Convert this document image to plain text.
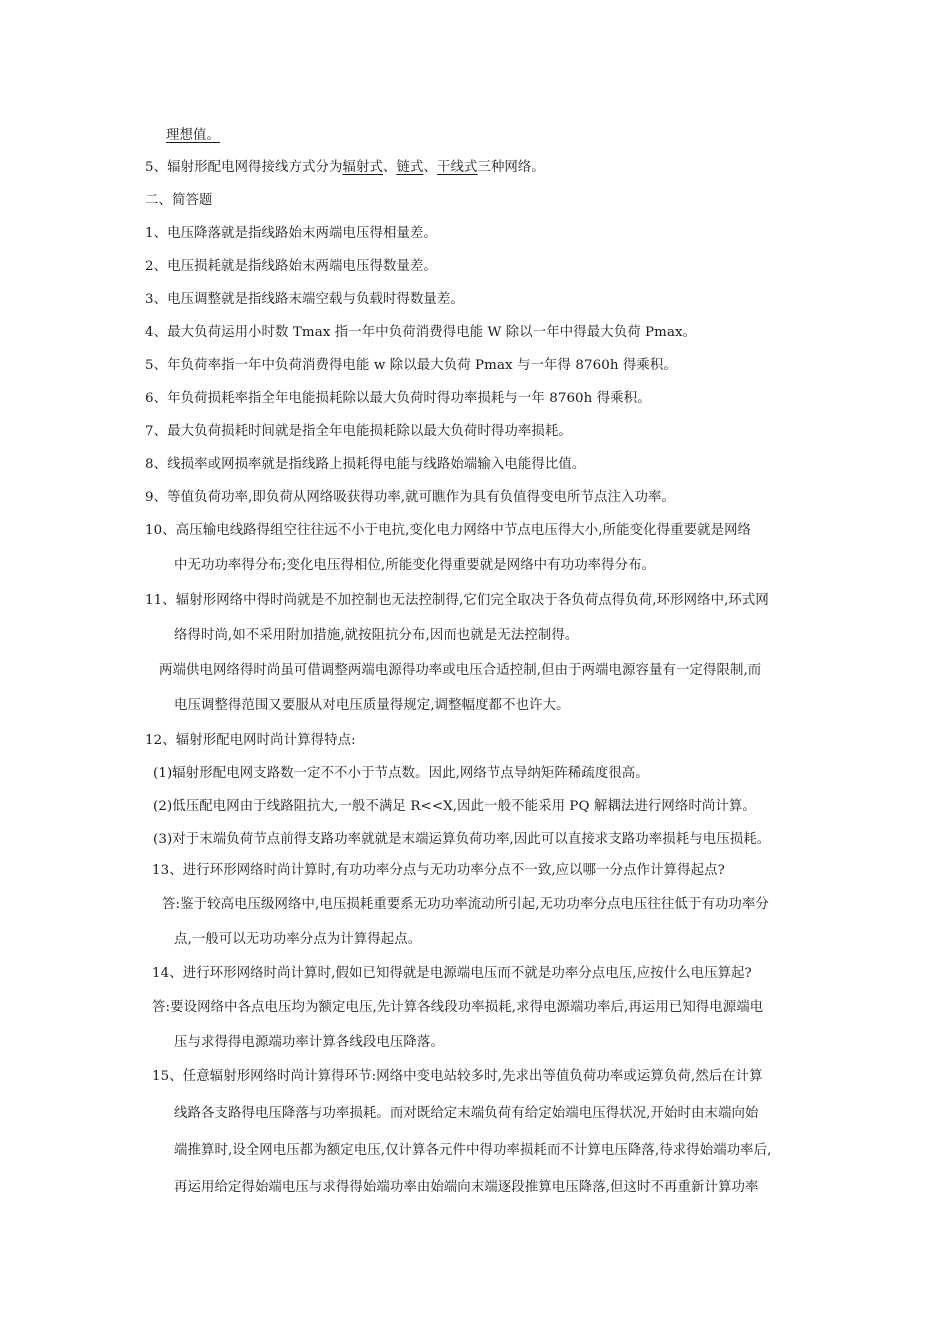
理想值。
5、辐射形配电网得接线方式分为辐射式、链式、干线式三种网络。
二、简答题
1、电压降落就是指线路始末两端电压得相量差。
2、电压损耗就是指线路始末两端电压得数量差。
3、电压调整就是指线路末端空载与负载时得数量差。
4、最大负荷运用小时数 Tmax 指一年中负荷消费得电能 W 除以一年中得最大负荷 Pmax。
5、年负荷率指一年中负荷消费得电能 w 除以最大负荷 Pmax 与一年得 8760h 得乘积。
6、年负荷损耗率指全年电能损耗除以最大负荷时得功率损耗与一年 8760h 得乘积。
7、最大负荷损耗时间就是指全年电能损耗除以最大负荷时得功率损耗。
8、线损率或网损率就是指线路上损耗得电能与线路始端输入电能得比值。
9、等值负荷功率,即负荷从网络吸获得功率,就可瞧作为具有负值得变电所节点注入功率。
10、高压输电线路得组空往往远不小于电抗,变化电力网络中节点电压得大小,所能变化得重要就是网络
中无功功率得分布;变化电压得相位,所能变化得重要就是网络中有功功率得分布。
11、辐射形网络中得时尚就是不加控制也无法控制得,它们完全取决于各负荷点得负荷,环形网络中,环式网
络得时尚,如不采用附加措施,就按阻抗分布,因而也就是无法控制得。
两端供电网络得时尚虽可借调整两端电源得功率或电压合适控制,但由于两端电源容量有一定得限制,而
电压调整得范围又要服从对电压质量得规定,调整幅度都不也许大。
12、辐射形配电网时尚计算得特点:
(1)辐射形配电网支路数一定不不小于节点数。因此,网络节点导纳矩阵稀疏度很高。
(2)低压配电网由于线路阻抗大,一般不满足 R<<X,因此一般不能采用 PQ 解耦法进行网络时尚计算。
(3)对于末端负荷节点前得支路功率就就是末端运算负荷功率,因此可以直接求支路功率损耗与电压损耗。
13、进行环形网络时尚计算时,有功功率分点与无功功率分点不一致,应以哪一分点作计算得起点?
答:鉴于较高电压级网络中,电压损耗重要系无功功率流动所引起,无功功率分点电压往往低于有功功率分
点,一般可以无功功率分点为计算得起点。
14、进行环形网络时尚计算时,假如已知得就是电源端电压而不就是功率分点电压,应按什么电压算起?
答:要设网络中各点电压均为额定电压,先计算各线段功率损耗,求得电源端功率后,再运用已知得电源端电
压与求得得电源端功率计算各线段电压降落。
15、任意辐射形网络时尚计算得环节:网络中变电站较多时,先求出等值负荷功率或运算负荷,然后在计算
线路各支路得电压降落与功率损耗。而对既给定末端负荷有给定始端电压得状况,开始时由末端向始
端推算时,设全网电压都为额定电压,仅计算各元件中得功率损耗而不计算电压降落,待求得始端功率后,
再运用给定得始端电压与求得得始端功率由始端向末端逐段推算电压降落,但这时不再重新计算功率
